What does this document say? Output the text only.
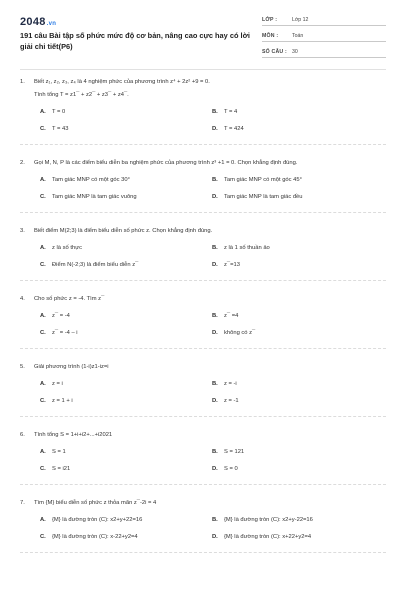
2048.vn
191 câu Bài tập số phức mức độ cơ bản, nâng cao cực hay có lời giải chi tiết(P6)
LỚP :	Lớp 12
MÔN :	Toán
SỐ CÂU : 30
1.	Biết z₁, z₂, z₃, z₄ là 4 nghiệm phức của phương trình z⁴ + 2z² +9 = 0.
Tính tổng T = z1¯ + z2¯ + z3¯ + z4¯.
A.	T = 0	B.	T = 4
C.	T = 43	D.	T = 424
2.	Gọi M, N, P là các điểm biểu diễn ba nghiệm phức của phương trình z³ +1 = 0. Chọn khẳng định đúng.
A.	Tam giác MNP có một góc 30°	B.	Tam giác MNP có một góc 45°
C.	Tam giác MNP là tam giác vuông	D.	Tam giác MNP là tam giác đều
3.	Biết điểm M(2;3) là điểm biểu diễn số phức z. Chọn khẳng định đúng.
A.	z là số thực	B.	z là 1 số thuần ảo
C.	Điểm N(-2;3) là điểm biểu diễn z¯	D.	z¯=13
4.	Cho số phức z = -4. Tìm z¯
A.	z¯ = -4	B.	z¯ =4
C.	z¯ = -4 – i	D.	không có z¯
5.	Giải phương trình (1-i)z1-iz=i
A.	z = i	B.	z = -i
C.	z = 1 + i	D.	z = -1
6.	Tính tổng S = 1+i+i2+...+i2021
A.	S = 1	B.	S = 121
C.	S = i21	D.	S = 0
7.	Tìm {M} biểu diễn số phức z thỏa mãn z¯-2i = 4
A.	{M} là đường tròn (C): x2+y+22=16	B.	{M} là đường tròn (C): x2+y-22=16
C.	{M} là đường tròn (C): x-22+y2=4	D.	{M} là đường tròn (C): x+22+y2=4
